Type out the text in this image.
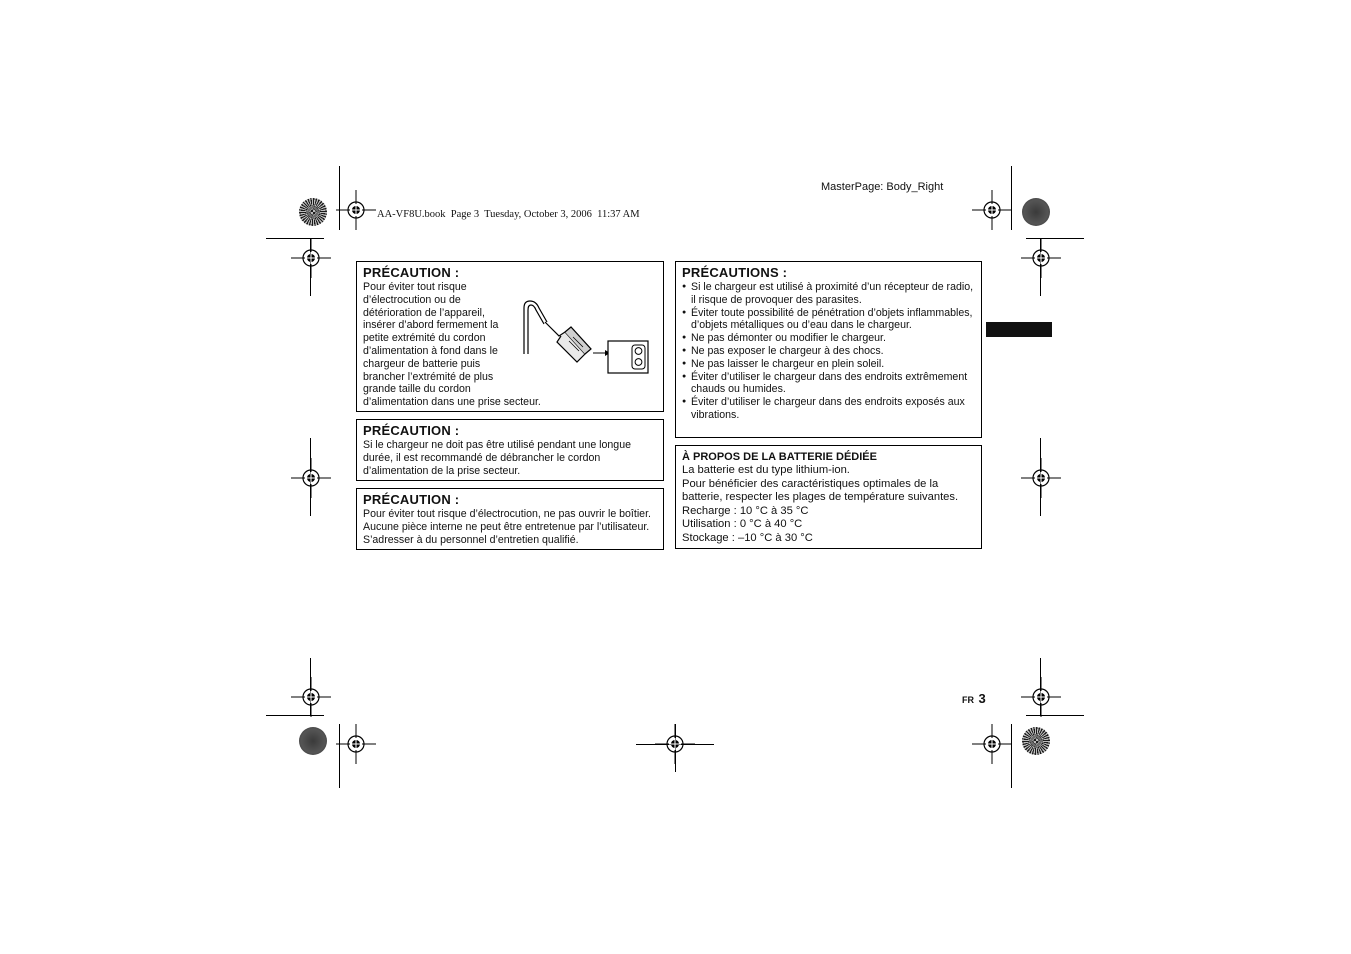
MasterPage: Body_Right
AA-VF8U.book  Page 3  Tuesday, October 3, 2006  11:37 AM
PRÉCAUTION :
Pour éviter tout risque
d’électrocution ou de
détérioration de l’appareil,
insérer d’abord fermement la
petite extrémité du cordon
d’alimentation à fond dans le
chargeur de batterie puis
brancher l’extrémité de plus
grande taille du cordon
d’alimentation dans une prise secteur.
PRÉCAUTION :
Si le chargeur ne doit pas être utilisé pendant une longue durée, il est recommandé de débrancher le cordon d’alimentation de la prise secteur.
PRÉCAUTION :
Pour éviter tout risque d’électrocution, ne pas ouvrir le boîtier. Aucune pièce interne ne peut être entretenue par l’utilisateur. S’adresser à du personnel d’entretien qualifié.
PRÉCAUTIONS :
● Si le chargeur est utilisé à proximité d’un récepteur de radio, il risque de provoquer des parasites.
● Éviter toute possibilité de pénétration d’objets inflammables, d’objets métalliques ou d’eau dans le chargeur.
● Ne pas démonter ou modifier le chargeur.
● Ne pas exposer le chargeur à des chocs.
● Ne pas laisser le chargeur en plein soleil.
● Éviter d’utiliser le chargeur dans des endroits extrêmement chauds ou humides.
● Éviter d’utiliser le chargeur dans des endroits exposés aux vibrations.
À PROPOS DE LA BATTERIE DÉDIÉE
La batterie est du type lithium-ion.
Pour bénéficier des caractéristiques optimales de la batterie, respecter les plages de température suivantes.
Recharge : 10 °C à 35 °C
Utilisation : 0 °C à 40 °C
Stockage : –10 °C à 30 °C
FR 3
